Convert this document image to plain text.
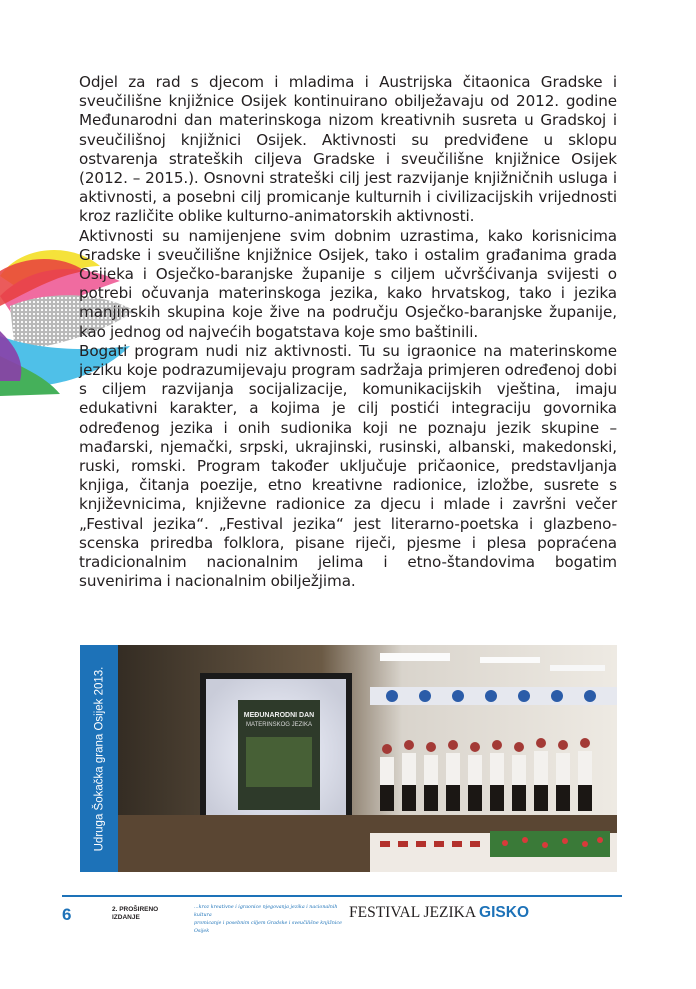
Odjel za rad s djecom i mladima i Austrijska čitaonica Gradske i sveučilišne knjižnice Osijek kontinuirano obilježavaju od 2012. godine Međunarodni dan materinskoga nizom kreativnih susreta u Gradskoj i sveučilišnoj knjižnici Osijek. Aktivnosti su predviđene u sklopu ostvarenja strateških ciljeva Gradske i sveučilišne knjižnice Osijek (2012. – 2015.). Osnovni strateški cilj jest razvijanje knjižničnih usluga i aktivnosti, a posebni cilj promicanje kulturnih i civilizacijskih vrijednosti kroz različite oblike kulturno-animatorskih aktivnosti.

Aktivnosti su namijenjene svim dobnim uzrastima, kako korisnicima Gradske i sveučilišne knjižnice Osijek, tako i ostalim građanima grada Osijeka i Osječko-baranjske županije s ciljem učvršćivanja svijesti o potrebi očuvanja materinskoga jezika, kako hrvatskog, tako i jezika manjinskih skupina koje žive na području Osječko-baranjske županije, kao jednog od najvećih bogatstava koje smo baštinili.

Bogati program nudi niz aktivnosti. Tu su igraonice na materinskome jeziku koje podrazumijevaju program sadržaja primjeren određenoj dobi s ciljem razvijanja socijalizacije, komunikacijskih vještina, imaju edukativni karakter, a kojima je cilj postići integraciju govornika određenog jezika i onih sudionika koji ne poznaju jezik skupine – mađarski, njemački, srpski, ukrajinski, rusinski, albanski, makedonski, ruski, romski. Program također uključuje pričaonice, predstavljanja knjiga, čitanja poezije, etno kreativne radionice, izložbe, susrete s književnicima, književne radionice za djecu i mlade i završni večer „Festival jezika“. „Festival jezika“ jest literarno-poetska i glazbeno-scenska priredba folklora, pisane riječi, pjesme i plesa popraćena tradicionalnim nacionalnim jelima i etno-štandovima bogatim suvenirima i nacionalnim obilježjima.

MEĐUNARODNI DAN
MATERINSKOG JEZIKA
Udruga Šokačka grana Osijek 2013.
6	2. PROŠIRENO
IZDANJE
...kroz kreativne i igraonice njegovanja jezika i nacionalnih kultura
promicanje i posebnim ciljem Gradske i sveučilišne knjižnice Osijek
FESTIVAL JEZIKA GISKO
